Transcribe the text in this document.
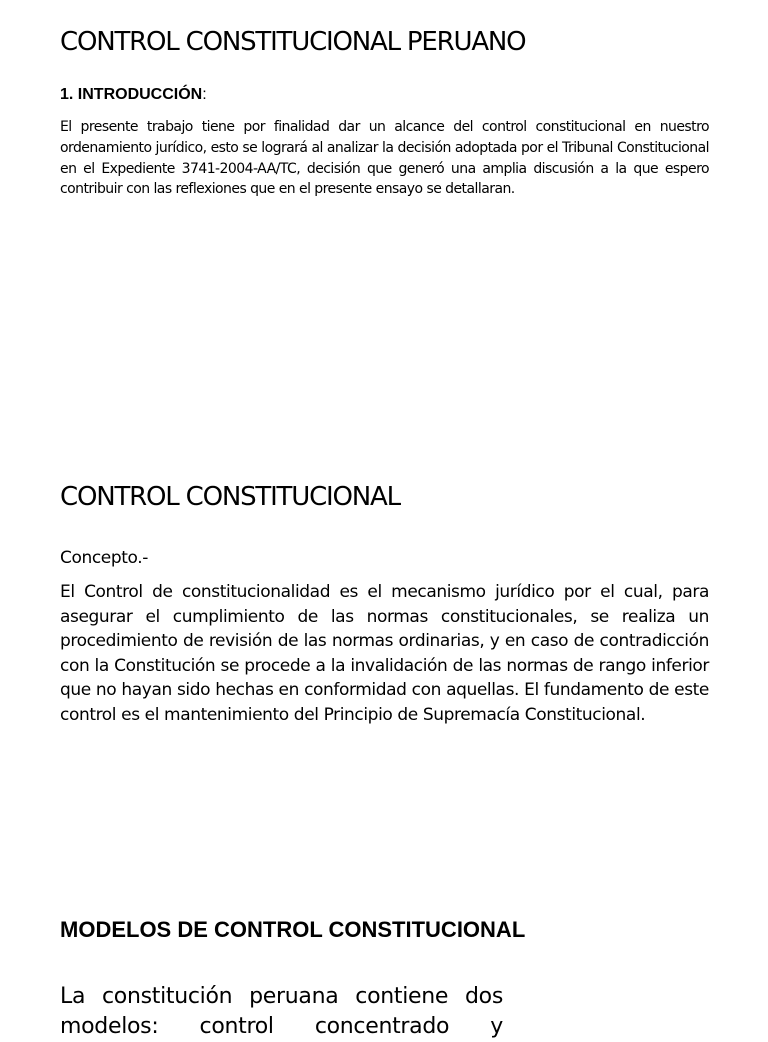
CONTROL CONSTITUCIONAL PERUANO
1. INTRODUCCIÓN:

El presente trabajo tiene por finalidad dar un alcance del control constitucional en nuestro ordenamiento jurídico, esto se logrará al analizar la decisión adoptada por el Tribunal Constitucional en el Expediente 3741-2004-AA/TC, decisión que generó una amplia discusión a la que espero contribuir con las reflexiones que en el presente ensayo se detallaran.

CONTROL CONSTITUCIONAL

Concepto.-

El Control de constitucionalidad es el mecanismo jurídico por el cual, para asegurar el cumplimiento de las normas constitucionales, se realiza un procedimiento de revisión de las normas ordinarias, y en caso de contradicción con la Constitución se procede a la invalidación de las normas de rango inferior que no hayan sido hechas en conformidad con aquellas. El fundamento de este control es el mantenimiento del Principio de Supremacía Constitucional.

MODELOS DE CONTROL CONSTITUCIONAL

La constitución peruana contiene dos modelos: control concentrado y
